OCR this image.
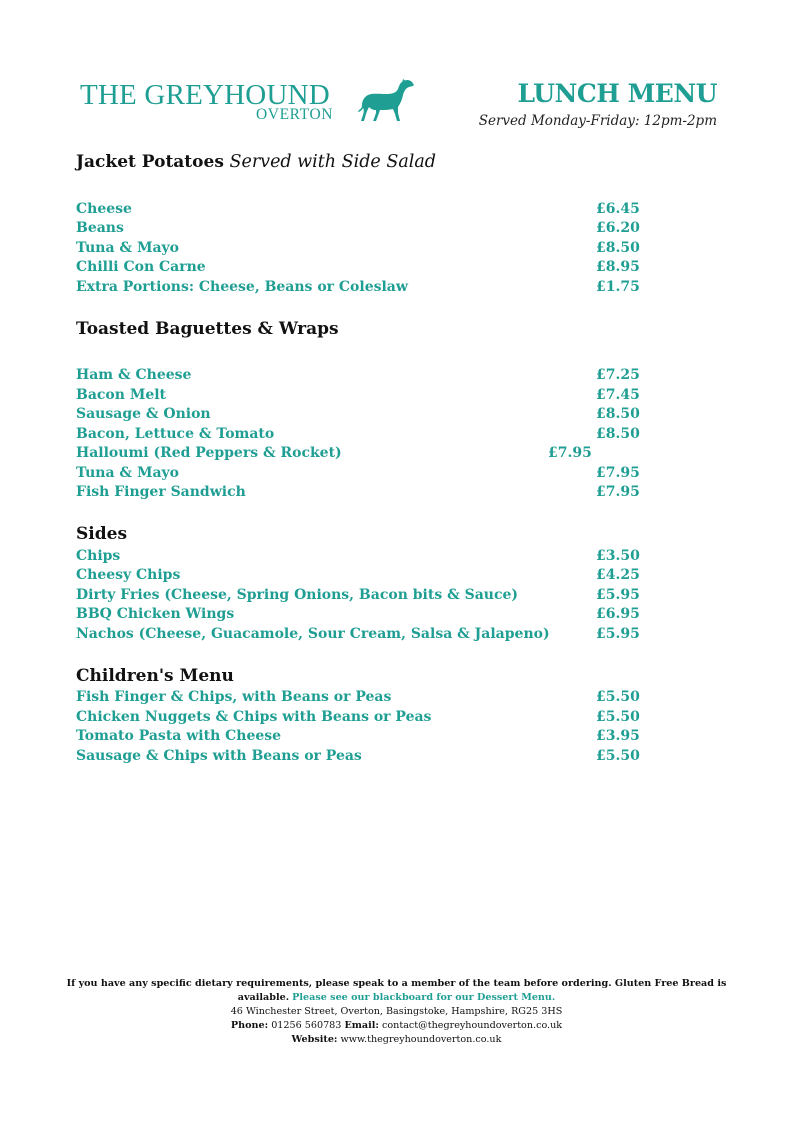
THE GREYHOUND
OVERTON
LUNCH MENU
Served Monday-Friday: 12pm-2pm
Jacket Potatoes Served with Side Salad
Cheese	£6.45
Beans	£6.20
Tuna & Mayo	£8.50
Chilli Con Carne	£8.95
Extra Portions: Cheese, Beans or Coleslaw	£1.75
Toasted Baguettes & Wraps
Ham & Cheese	£7.25
Bacon Melt	£7.45
Sausage & Onion	£8.50
Bacon, Lettuce & Tomato	£8.50
Halloumi (Red Peppers & Rocket)	£7.95
Tuna & Mayo	£7.95
Fish Finger Sandwich	£7.95
Sides
Chips	£3.50
Cheesy Chips	£4.25
Dirty Fries (Cheese, Spring Onions, Bacon bits & Sauce)	£5.95
BBQ Chicken Wings	£6.95
Nachos (Cheese, Guacamole, Sour Cream, Salsa & Jalapeno)	£5.95
Children's Menu
Fish Finger & Chips, with Beans or Peas	£5.50
Chicken Nuggets & Chips with Beans or Peas	£5.50
Tomato Pasta with Cheese	£3.95
Sausage & Chips with Beans or Peas	£5.50
If you have any specific dietary requirements, please speak to a member of the team before ordering. Gluten Free Bread is available. Please see our blackboard for our Dessert Menu.
46 Winchester Street, Overton, Basingstoke, Hampshire, RG25 3HS
Phone: 01256 560783 Email: contact@thegreyhoundoverton.co.uk
Website: www.thegreyhoundoverton.co.uk
